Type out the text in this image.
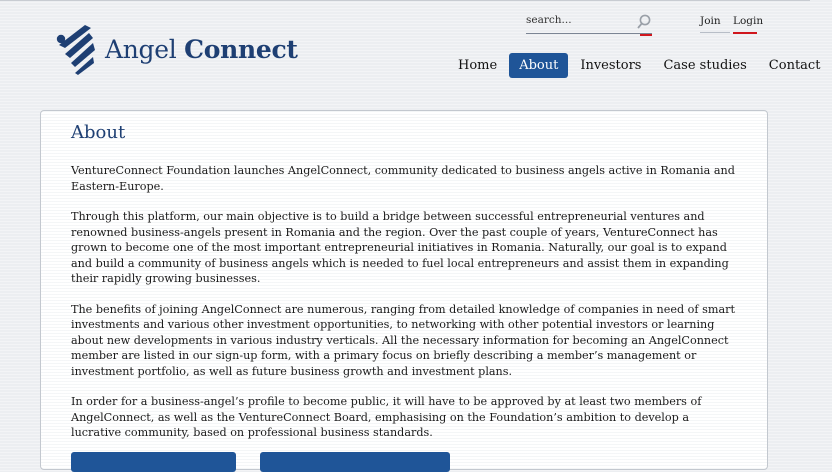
Angel Connect
search...
Join	Login
Home	About	Investors	Case studies	Contact
About

VentureConnect Foundation launches AngelConnect, community dedicated to business angels active in Romania and Eastern-Europe.

Through this platform, our main objective is to build a bridge between successful entrepreneurial ventures and renowned business-angels present in Romania and the region. Over the past couple of years, VentureConnect has grown to become one of the most important entrepreneurial initiatives in Romania. Naturally, our goal is to expand and build a community of business angels which is needed to fuel local entrepreneurs and assist them in expanding their rapidly growing businesses.

The benefits of joining AngelConnect are numerous, ranging from detailed knowledge of companies in need of smart investments and various other investment opportunities, to networking with other potential investors or learning about new developments in various industry verticals. All the necessary information for becoming an AngelConnect member are listed in our sign-up form, with a primary focus on briefly describing a member’s management or investment portfolio, as well as future business growth and investment plans.

In order for a business-angel’s profile to become public, it will have to be approved by at least two members of AngelConnect, as well as the VentureConnect Board, emphasising on the Foundation’s ambition to develop a lucrative community, based on professional business standards.
